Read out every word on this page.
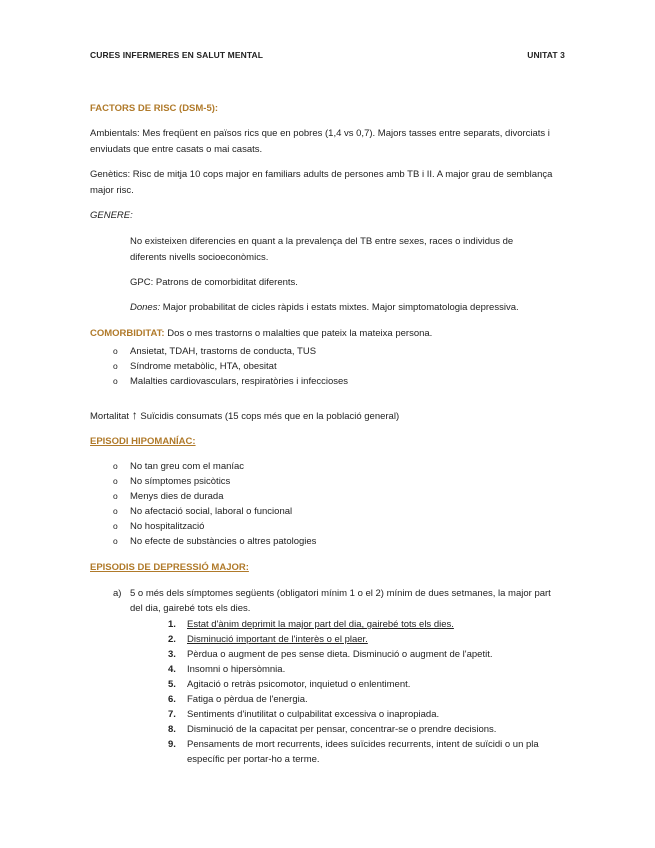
CURES INFERMERES EN SALUT MENTAL	UNITAT 3
FACTORS DE RISC (DSM-5):
Ambientals: Mes freqüent en països rics que en pobres (1,4 vs 0,7). Majors tasses entre separats, divorciats i enviudats que entre casats o mai casats.
Genètics: Risc de mitja 10 cops major en familiars adults de persones amb TB i II. A major grau de semblança major risc.
GENERE:
No existeixen diferencies en quant a la prevalença del TB entre sexes, races o individus de diferents nivells socioeconòmics.
GPC: Patrons de comorbiditat diferents.
Dones: Major probabilitat de cicles ràpids i estats mixtes. Major simptomatologia depressiva.
COMORBIDITAT: Dos o mes trastorns o malalties que pateix la mateixa persona.
o Ansietat, TDAH, trastorns de conducta, TUS
o Síndrome metabòlic, HTA, obesitat
o Malalties cardiovasculars, respiratòries i infeccioses
Mortalitat ↑ Suïcidis consumats (15 cops més que en la població general)
EPISODI HIPOMANÍAC:
o No tan greu com el maníac
o No símptomes psicòtics
o Menys dies de durada
o No afectació social, laboral o funcional
o No hospitalització
o No efecte de substàncies o altres patologies
EPISODIS DE DEPRESSIÓ MAJOR:
a) 5 o més dels símptomes següents (obligatori mínim 1 o el 2) mínim de dues setmanes, la major part del dia, gairebé tots els dies.
1. Estat d'ànim deprimit la major part del dia, gairebé tots els dies.
2. Disminució important de l'interès o el plaer.
3. Pèrdua o augment de pes sense dieta. Disminució o augment de l'apetit.
4. Insomni o hipersòmnia.
5. Agitació o retràs psicomotor, inquietud o enlentiment.
6. Fatiga o pèrdua de l'energia.
7. Sentiments d'inutilitat o culpabilitat excessiva o inapropiada.
8. Disminució de la capacitat per pensar, concentrar-se o prendre decisions.
9. Pensaments de mort recurrents, idees suïcides recurrents, intent de suïcidi o un pla específic per portar-ho a terme.
